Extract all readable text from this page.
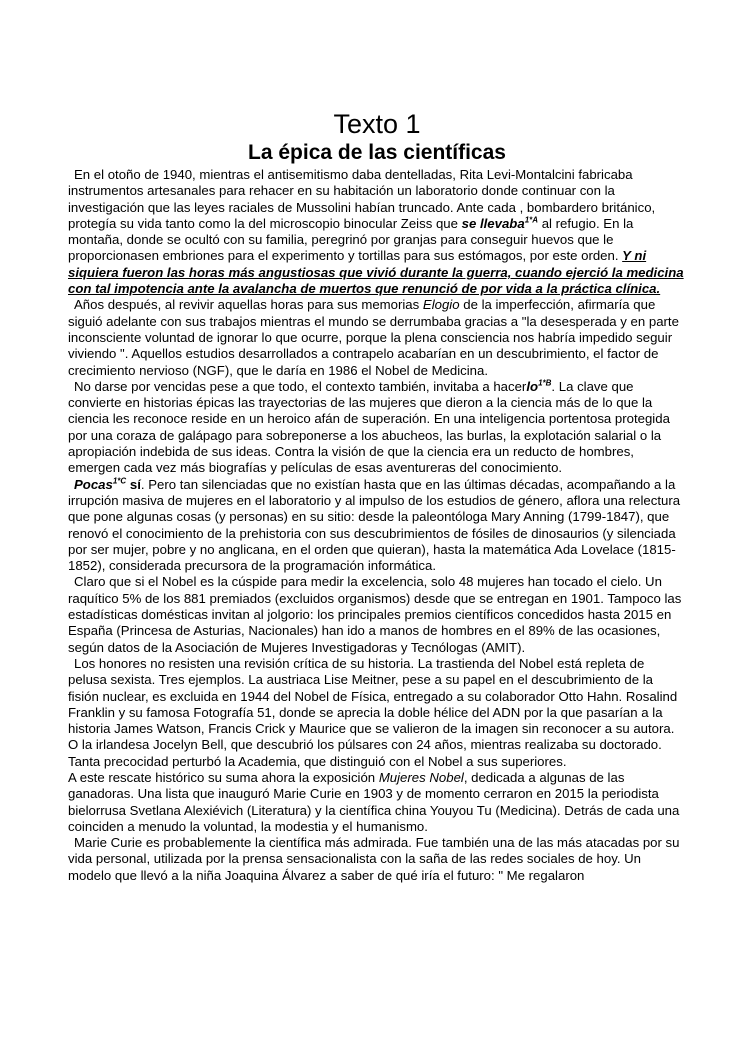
Texto 1
La épica de las científicas

En el otoño de 1940, mientras el antisemitismo daba dentelladas, Rita Levi-Montalcini fabricaba instrumentos artesanales para rehacer en su habitación un laboratorio donde continuar con la investigación que las leyes raciales de Mussolini habían truncado. Ante cada , bombardero británico, protegía su vida tanto como la del microscopio binocular Zeiss que se llevaba$^{1*A}$ al refugio. En la montaña, donde se ocultó con su familia, peregrinó por granjas para conseguir huevos que le proporcionasen embriones para el experimento y tortillas para sus estómagos, por este orden. Y ni siquiera fueron las horas más angustiosas que vivió durante la guerra, cuando ejerció la medicina con tal impotencia ante la avalancha de muertos que renunció de por vida a la práctica clínica.

Años después, al revivir aquellas horas para sus memorias Elogio de la imperfección, afirmaría que siguió adelante con sus trabajos mientras el mundo se derrumbaba gracias a "la desesperada y en parte inconsciente voluntad de ignorar lo que ocurre, porque la plena consciencia nos habría impedido seguir viviendo ". Aquellos estudios desarrollados a contrapelo acabarían en un descubrimiento, el factor de crecimiento nervioso (NGF), que le daría en 1986 el Nobel de Medicina.

No darse por vencidas pese a que todo, el contexto también, invitaba a hacerlo$^{1*B}$. La clave que convierte en historias épicas las trayectorias de las mujeres que dieron a la ciencia más de lo que la ciencia les reconoce reside en un heroico afán de superación. En una inteligencia portentosa protegida por una coraza de galápago para sobreponerse a los abucheos, las burlas, la explotación salarial o la apropiación indebida de sus ideas. Contra la visión de que la ciencia era un reducto de hombres, emergen cada vez más biografías y películas de esas aventureras del conocimiento.

Pocas$^{1*C}$ sí. Pero tan silenciadas que no existían hasta que en las últimas décadas, acompañando a la irrupción masiva de mujeres en el laboratorio y al impulso de los estudios de género, aflora una relectura que pone algunas cosas (y personas) en su sitio: desde la paleontóloga Mary Anning (1799-1847), que renovó el conocimiento de la prehistoria con sus descubrimientos de fósiles de dinosaurios (y silenciada por ser mujer, pobre y no anglicana, en el orden que quieran), hasta la matemática Ada Lovelace (1815-1852), considerada precursora de la programación informática.

Claro que si el Nobel es la cúspide para medir la excelencia, solo 48 mujeres han tocado el cielo. Un raquítico 5% de los 881 premiados (excluidos organismos) desde que se entregan en 1901. Tampoco las estadísticas domésticas invitan al jolgorio: los principales premios científicos concedidos hasta 2015 en España (Princesa de Asturias, Nacionales) han ido a manos de hombres en el 89% de las ocasiones, según datos de la Asociación de Mujeres Investigadoras y Tecnólogas (AMIT).

Los honores no resisten una revisión crítica de su historia. La trastienda del Nobel está repleta de pelusa sexista. Tres ejemplos. La austriaca Lise Meitner, pese a su papel en el descubrimiento de la fisión nuclear, es excluida en 1944 del Nobel de Física, entregado a su colaborador Otto Hahn. Rosalind Franklin y su famosa Fotografía 51, donde se aprecia la doble hélice del ADN por la que pasarían a la historia James Watson, Francis Crick y Maurice que se valieron de la imagen sin reconocer a su autora. O la irlandesa Jocelyn Bell, que descubrió los púlsares con 24 años, mientras realizaba su doctorado. Tanta precocidad perturbó la Academia, que distinguió con el Nobel a sus superiores.

A este rescate histórico su suma ahora la exposición Mujeres Nobel, dedicada a algunas de las ganadoras. Una lista que inauguró Marie Curie en 1903 y de momento cerraron en 2015 la periodista bielorrusa Svetlana Alexiévich (Literatura) y la científica china Youyou Tu (Medicina). Detrás de cada una coinciden a menudo la voluntad, la modestia y el humanismo.

Marie Curie es probablemente la científica más admirada. Fue también una de las más atacadas por su vida personal, utilizada por la prensa sensacionalista con la saña de las redes sociales de hoy. Un modelo que llevó a la niña Joaquina Álvarez a saber de qué iría el futuro: " Me regalaron
